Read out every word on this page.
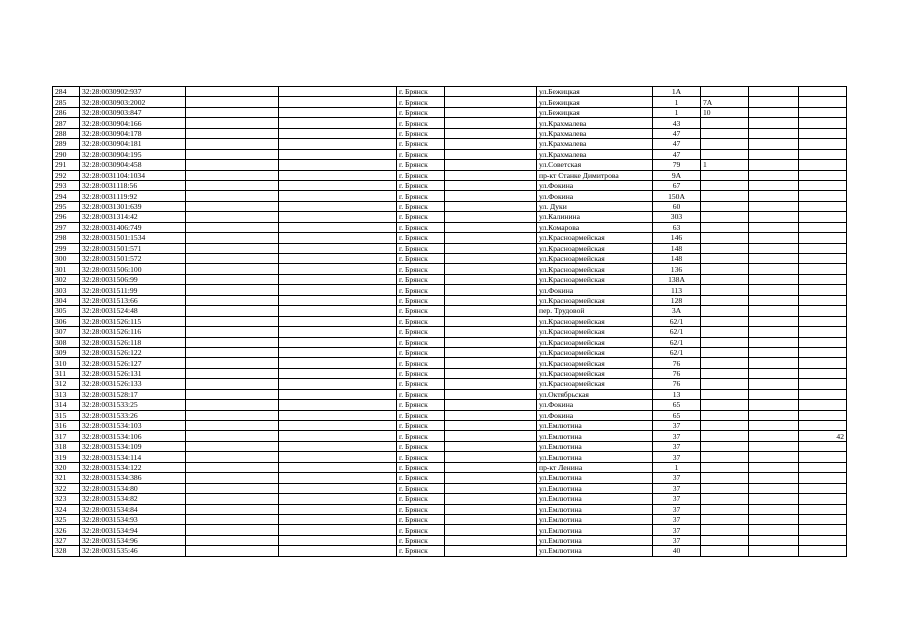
284	32:28:0030902:937			г. Брянск		ул.Бежицкая	1А			
285	32:28:0030903:2002			г. Брянск		ул.Бежицкая	1	7А		
286	32:28:0030903:847			г. Брянск		ул.Бежицкая	1	10		
287	32:28:0030904:166			г. Брянск		ул.Крахмалева	43			
288	32:28:0030904:178			г. Брянск		ул.Крахмалева	47			
289	32:28:0030904:181			г. Брянск		ул.Крахмалева	47			
290	32:28:0030904:195			г. Брянск		ул.Крахмалева	47			
291	32:28:0030904:458			г. Брянск		ул.Советская	79	1		
292	32:28:0031104:1034			г. Брянск		пр-кт Станке Димитрова	9А			
293	32:28:0031118:56			г. Брянск		ул.Фокина	67			
294	32:28:0031119:92			г. Брянск		ул.Фокина	150А			
295	32:28:0031301:639			г. Брянск		ул. Дуки	60			
296	32:28:0031314:42			г. Брянск		ул.Калинина	303			
297	32:28:0031406:749			г. Брянск		ул.Комарова	63			
298	32:28:0031501:1534			г. Брянск		ул.Красноармейская	146			
299	32:28:0031501:571			г. Брянск		ул.Красноармейская	148			
300	32:28:0031501:572			г. Брянск		ул.Красноармейская	148			
301	32:28:0031506:100			г. Брянск		ул.Красноармейская	136			
302	32:28:0031506:99			г. Брянск		ул.Красноармейская	138А			
303	32:28:0031511:99			г. Брянск		ул.Фокина	113			
304	32:28:0031513:66			г. Брянск		ул.Красноармейская	128			
305	32:28:0031524:48			г. Брянск		пер. Трудовой	3А			
306	32:28:0031526:115			г. Брянск		ул.Красноармейская	62/1			
307	32:28:0031526:116			г. Брянск		ул.Красноармейская	62/1			
308	32:28:0031526:118			г. Брянск		ул.Красноармейская	62/1			
309	32:28:0031526:122			г. Брянск		ул.Красноармейская	62/1			
310	32:28:0031526:127			г. Брянск		ул.Красноармейская	76			
311	32:28:0031526:131			г. Брянск		ул.Красноармейская	76			
312	32:28:0031526:133			г. Брянск		ул.Красноармейская	76			
313	32:28:0031528:17			г. Брянск		ул.Октябрьская	13			
314	32:28:0031533:25			г. Брянск		ул.Фокина	65			
315	32:28:0031533:26			г. Брянск		ул.Фокина	65			
316	32:28:0031534:103			г. Брянск		ул.Емлютина	37			
317	32:28:0031534:106			г. Брянск		ул.Емлютина	37			42
318	32:28:0031534:109			г. Брянск		ул.Емлютина	37			
319	32:28:0031534:114			г. Брянск		ул.Емлютина	37			
320	32:28:0031534:122			г. Брянск		пр-кт Ленина	1			
321	32:28:0031534:386			г. Брянск		ул.Емлютина	37			
322	32:28:0031534:80			г. Брянск		ул.Емлютина	37			
323	32:28:0031534:82			г. Брянск		ул.Емлютина	37			
324	32:28:0031534:84			г. Брянск		ул.Емлютина	37			
325	32:28:0031534:93			г. Брянск		ул.Емлютина	37			
326	32:28:0031534:94			г. Брянск		ул.Емлютина	37			
327	32:28:0031534:96			г. Брянск		ул.Емлютина	37			
328	32:28:0031535:46			г. Брянск		ул.Емлютина	40			
